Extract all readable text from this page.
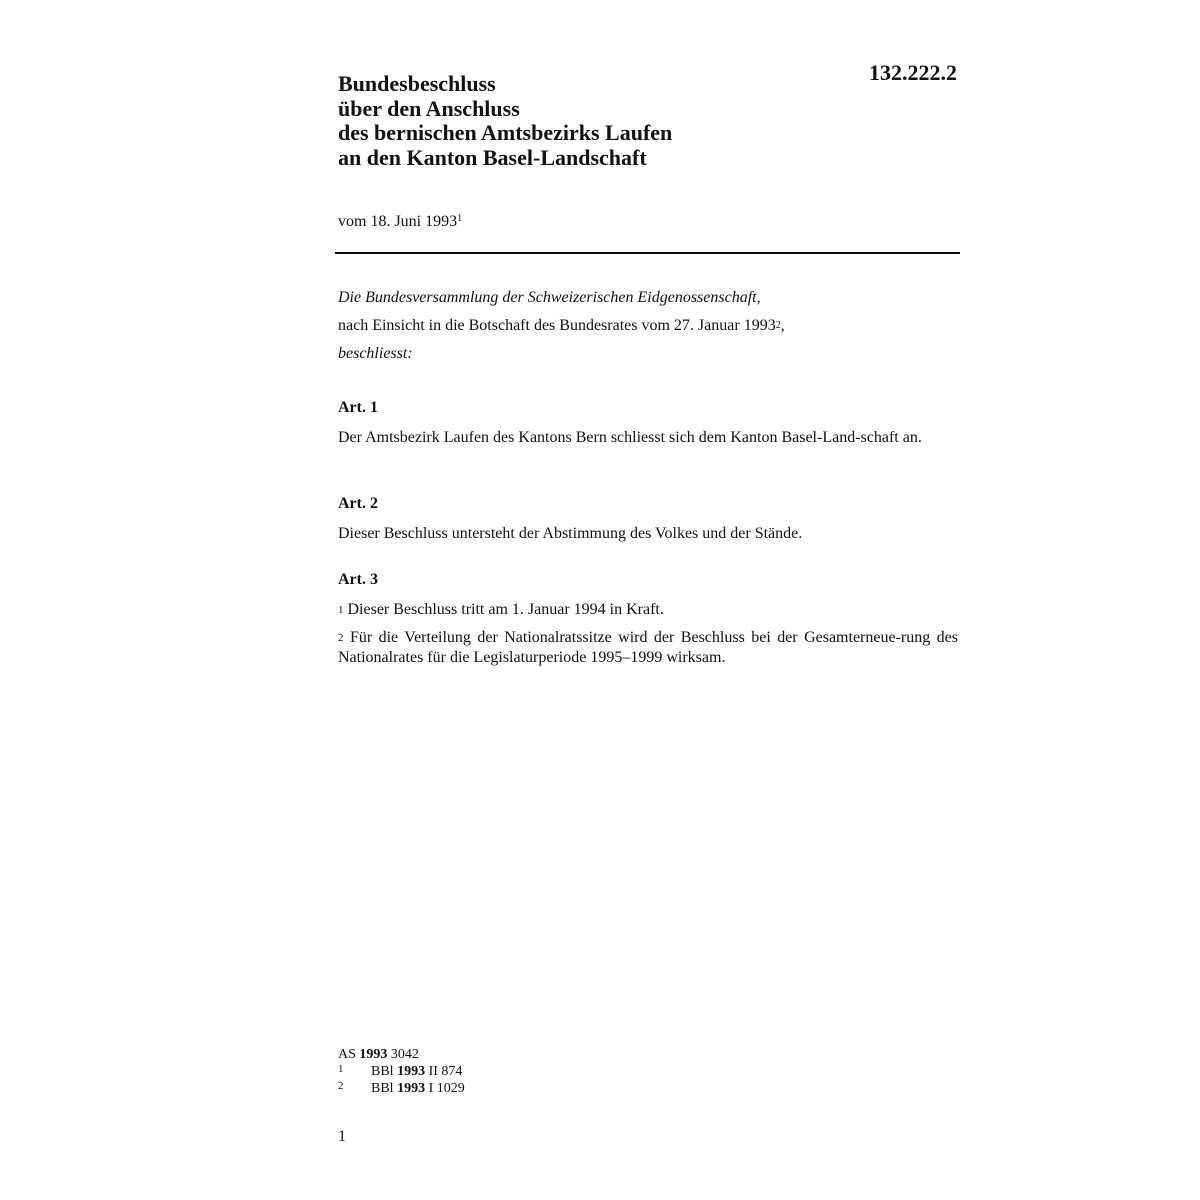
132.222.2
Bundesbeschluss
über den Anschluss
des bernischen Amtsbezirks Laufen
an den Kanton Basel-Landschaft
vom 18. Juni 1993$^1$
Die Bundesversammlung der Schweizerischen Eidgenossenschaft,
nach Einsicht in die Botschaft des Bundesrates vom 27. Januar 1993$^2$,
beschliesst:
Art. 1
Der Amtsbezirk Laufen des Kantons Bern schliesst sich dem Kanton Basel-Land-schaft an.
Art. 2
Dieser Beschluss untersteht der Abstimmung des Volkes und der Stände.
Art. 3
$^1$ Dieser Beschluss tritt am 1. Januar 1994 in Kraft.
$^2$ Für die Verteilung der Nationalratssitze wird der Beschluss bei der Gesamterneue-rung des Nationalrates für die Legislaturperiode 1995–1999 wirksam.
AS 1993 3042
1	BBl 1993 II 874
2	BBl 1993 I 1029
1
